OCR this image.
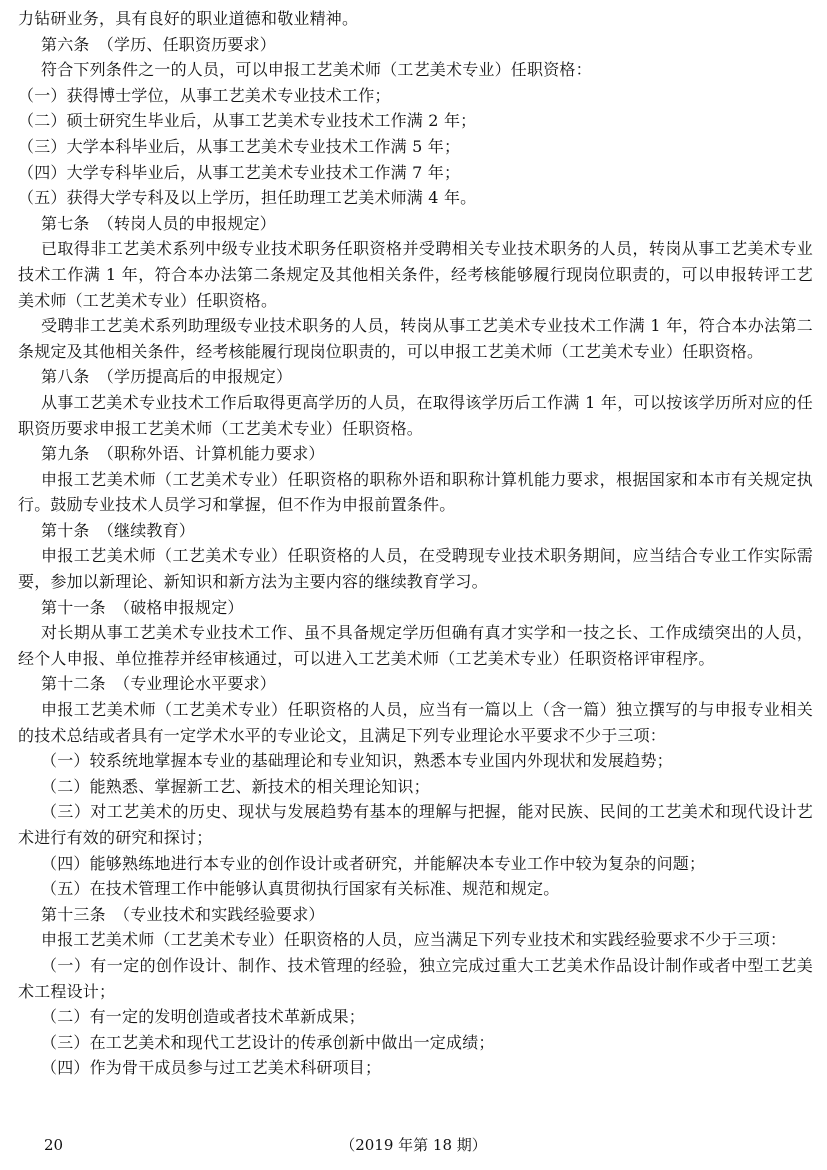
力钻研业务，具有良好的职业道德和敬业精神。
第六条　（学历、任职资历要求）
符合下列条件之一的人员，可以申报工艺美术师（工艺美术专业）任职资格：
（一）获得博士学位，从事工艺美术专业技术工作；
（二）硕士研究生毕业后，从事工艺美术专业技术工作满 2 年；
（三）大学本科毕业后，从事工艺美术专业技术工作满 5 年；
（四）大学专科毕业后，从事工艺美术专业技术工作满 7 年；
（五）获得大学专科及以上学历，担任助理工艺美术师满 4 年。
第七条　（转岗人员的申报规定）

已取得非工艺美术系列中级专业技术职务任职资格并受聘相关专业技术职务的人员，转岗从事工艺美术专业技术工作满 1 年，符合本办法第二条规定及其他相关条件，经考核能够履行现岗位职责的，可以申报转评工艺美术师（工艺美术专业）任职资格。

受聘非工艺美术系列助理级专业技术职务的人员，转岗从事工艺美术专业技术工作满 1 年，符合本办法第二条规定及其他相关条件，经考核能履行现岗位职责的，可以申报工艺美术师（工艺美术专业）任职资格。

第八条　（学历提高后的申报规定）

从事工艺美术专业技术工作后取得更高学历的人员，在取得该学历后工作满 1 年，可以按该学历所对应的任职资历要求申报工艺美术师（工艺美术专业）任职资格。

第九条　（职称外语、计算机能力要求）

申报工艺美术师（工艺美术专业）任职资格的职称外语和职称计算机能力要求，根据国家和本市有关规定执行。鼓励专业技术人员学习和掌握，但不作为申报前置条件。

第十条　（继续教育）

申报工艺美术师（工艺美术专业）任职资格的人员，在受聘现专业技术职务期间，应当结合专业工作实际需要，参加以新理论、新知识和新方法为主要内容的继续教育学习。

第十一条　（破格申报规定）

对长期从事工艺美术专业技术工作、虽不具备规定学历但确有真才实学和一技之长、工作成绩突出的人员，经个人申报、单位推荐并经审核通过，可以进入工艺美术师（工艺美术专业）任职资格评审程序。

第十二条　（专业理论水平要求）

申报工艺美术师（工艺美术专业）任职资格的人员，应当有一篇以上（含一篇）独立撰写的与申报专业相关的技术总结或者具有一定学术水平的专业论文，且满足下列专业理论水平要求不少于三项：

（一）较系统地掌握本专业的基础理论和专业知识，熟悉本专业国内外现状和发展趋势；

（二）能熟悉、掌握新工艺、新技术的相关理论知识；

（三）对工艺美术的历史、现状与发展趋势有基本的理解与把握，能对民族、民间的工艺美术和现代设计艺术进行有效的研究和探讨；

（四）能够熟练地进行本专业的创作设计或者研究，并能解决本专业工作中较为复杂的问题；

（五）在技术管理工作中能够认真贯彻执行国家有关标准、规范和规定。

第十三条　（专业技术和实践经验要求）

申报工艺美术师（工艺美术专业）任职资格的人员，应当满足下列专业技术和实践经验要求不少于三项：

（一）有一定的创作设计、制作、技术管理的经验，独立完成过重大工艺美术作品设计制作或者中型工艺美术工程设计；

（二）有一定的发明创造或者技术革新成果；

（三）在工艺美术和现代工艺设计的传承创新中做出一定成绩；

（四）作为骨干成员参与过工艺美术科研项目；

20	（2019 年第 18 期）
